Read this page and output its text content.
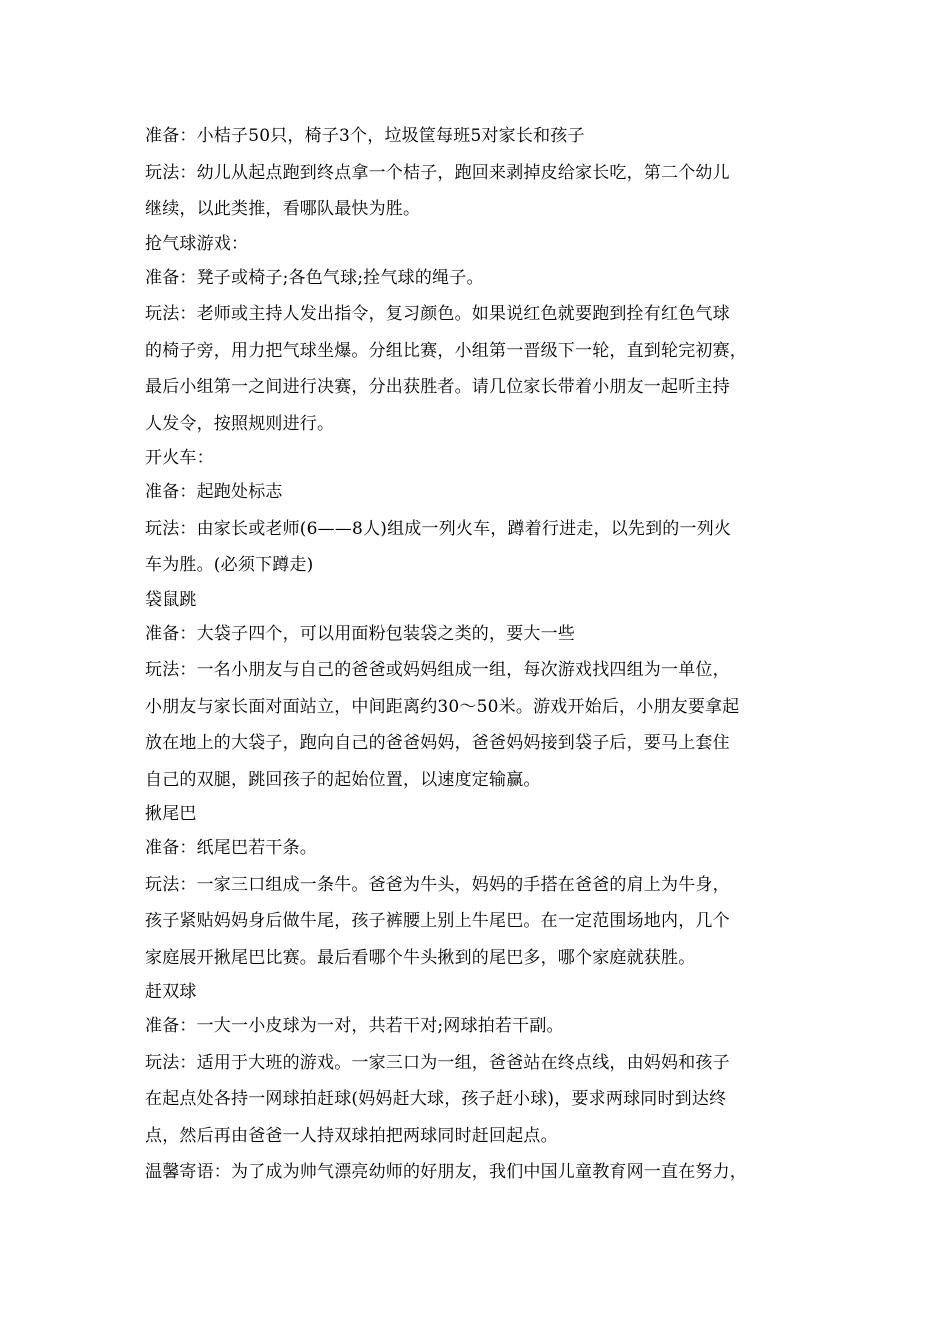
准备：小桔子50只，椅子3个，垃圾筐每班5对家长和孩子
玩法：幼儿从起点跑到终点拿一个桔子，跑回来剥掉皮给家长吃，第二个幼儿
继续，以此类推，看哪队最快为胜。
抢气球游戏：
准备：凳子或椅子;各色气球;拴气球的绳子。
玩法：老师或主持人发出指令，复习颜色。如果说红色就要跑到拴有红色气球
的椅子旁，用力把气球坐爆。分组比赛，小组第一晋级下一轮，直到轮完初赛，
最后小组第一之间进行决赛，分出获胜者。请几位家长带着小朋友一起听主持
人发令，按照规则进行。
开火车：
准备：起跑处标志
玩法：由家长或老师(6——8人)组成一列火车，蹲着行进走，以先到的一列火
车为胜。(必须下蹲走)
袋鼠跳
准备：大袋子四个，可以用面粉包装袋之类的，要大一些
玩法：一名小朋友与自己的爸爸或妈妈组成一组，每次游戏找四组为一单位，
小朋友与家长面对面站立，中间距离约30～50米。游戏开始后，小朋友要拿起
放在地上的大袋子，跑向自己的爸爸妈妈，爸爸妈妈接到袋子后，要马上套住
自己的双腿，跳回孩子的起始位置，以速度定输赢。
揪尾巴
准备：纸尾巴若干条。
玩法：一家三口组成一条牛。爸爸为牛头，妈妈的手搭在爸爸的肩上为牛身，
孩子紧贴妈妈身后做牛尾，孩子裤腰上别上牛尾巴。在一定范围场地内，几个
家庭展开揪尾巴比赛。最后看哪个牛头揪到的尾巴多，哪个家庭就获胜。
赶双球
准备：一大一小皮球为一对，共若干对;网球拍若干副。
玩法：适用于大班的游戏。一家三口为一组，爸爸站在终点线，由妈妈和孩子
在起点处各持一网球拍赶球(妈妈赶大球，孩子赶小球)，要求两球同时到达终
点，然后再由爸爸一人持双球拍把两球同时赶回起点。
温馨寄语：为了成为帅气漂亮幼师的好朋友，我们中国儿童教育网一直在努力，
